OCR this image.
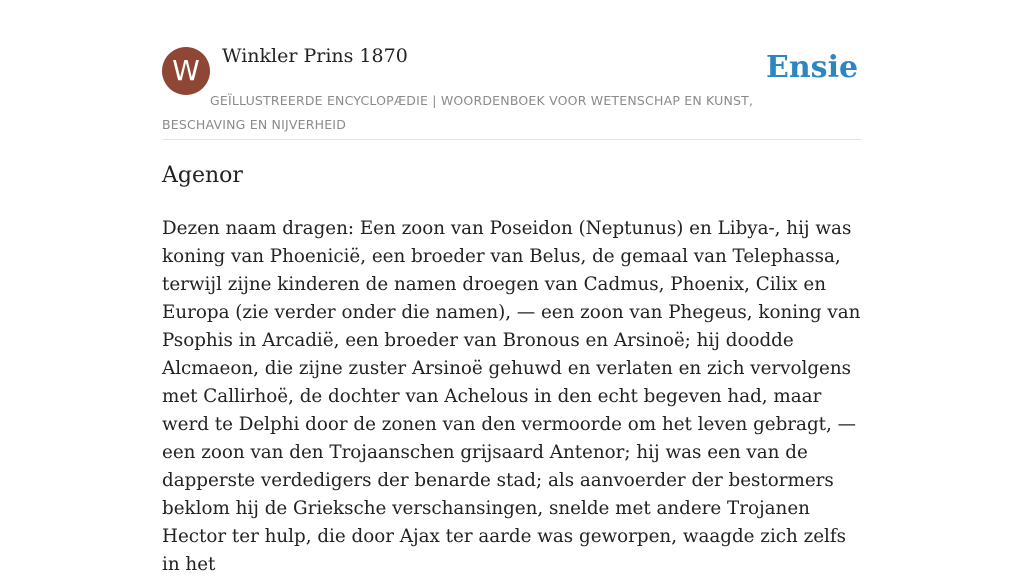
W Winkler Prins 1870	Ensie
GEÏLLUSTREERDE ENCYCLOPÆDIE | WOORDENBOEK VOOR WETENSCHAP EN KUNST, BESCHAVING EN NIJVERHEID
Agenor

Dezen naam dragen: Een zoon van Poseidon (Neptunus) en Libya-, hij was koning van Phoenicië, een broeder van Belus, de gemaal van Telephassa, terwijl zijne kinderen de namen droegen van Cadmus, Phoenix, Cilix en Europa (zie verder onder die namen), — een zoon van Phegeus, koning van Psophis in Arcadië, een broeder van Bronous en Arsinoë; hij doodde Alcmaeon, die zijne zuster Arsinoë gehuwd en verlaten en zich vervolgens met Callirhoë, de dochter van Achelous in den echt begeven had, maar werd te Delphi door de zonen van den vermoorde om het leven gebragt, — een zoon van den Trojaanschen grijsaard Antenor; hij was een van de dapperste verdedigers der benarde stad; als aanvoerder der bestormers beklom hij de Grieksche verschansingen, snelde met andere Trojanen Hector ter hulp, die door Ajax ter aarde was geworpen, waagde zich zelfs in het
